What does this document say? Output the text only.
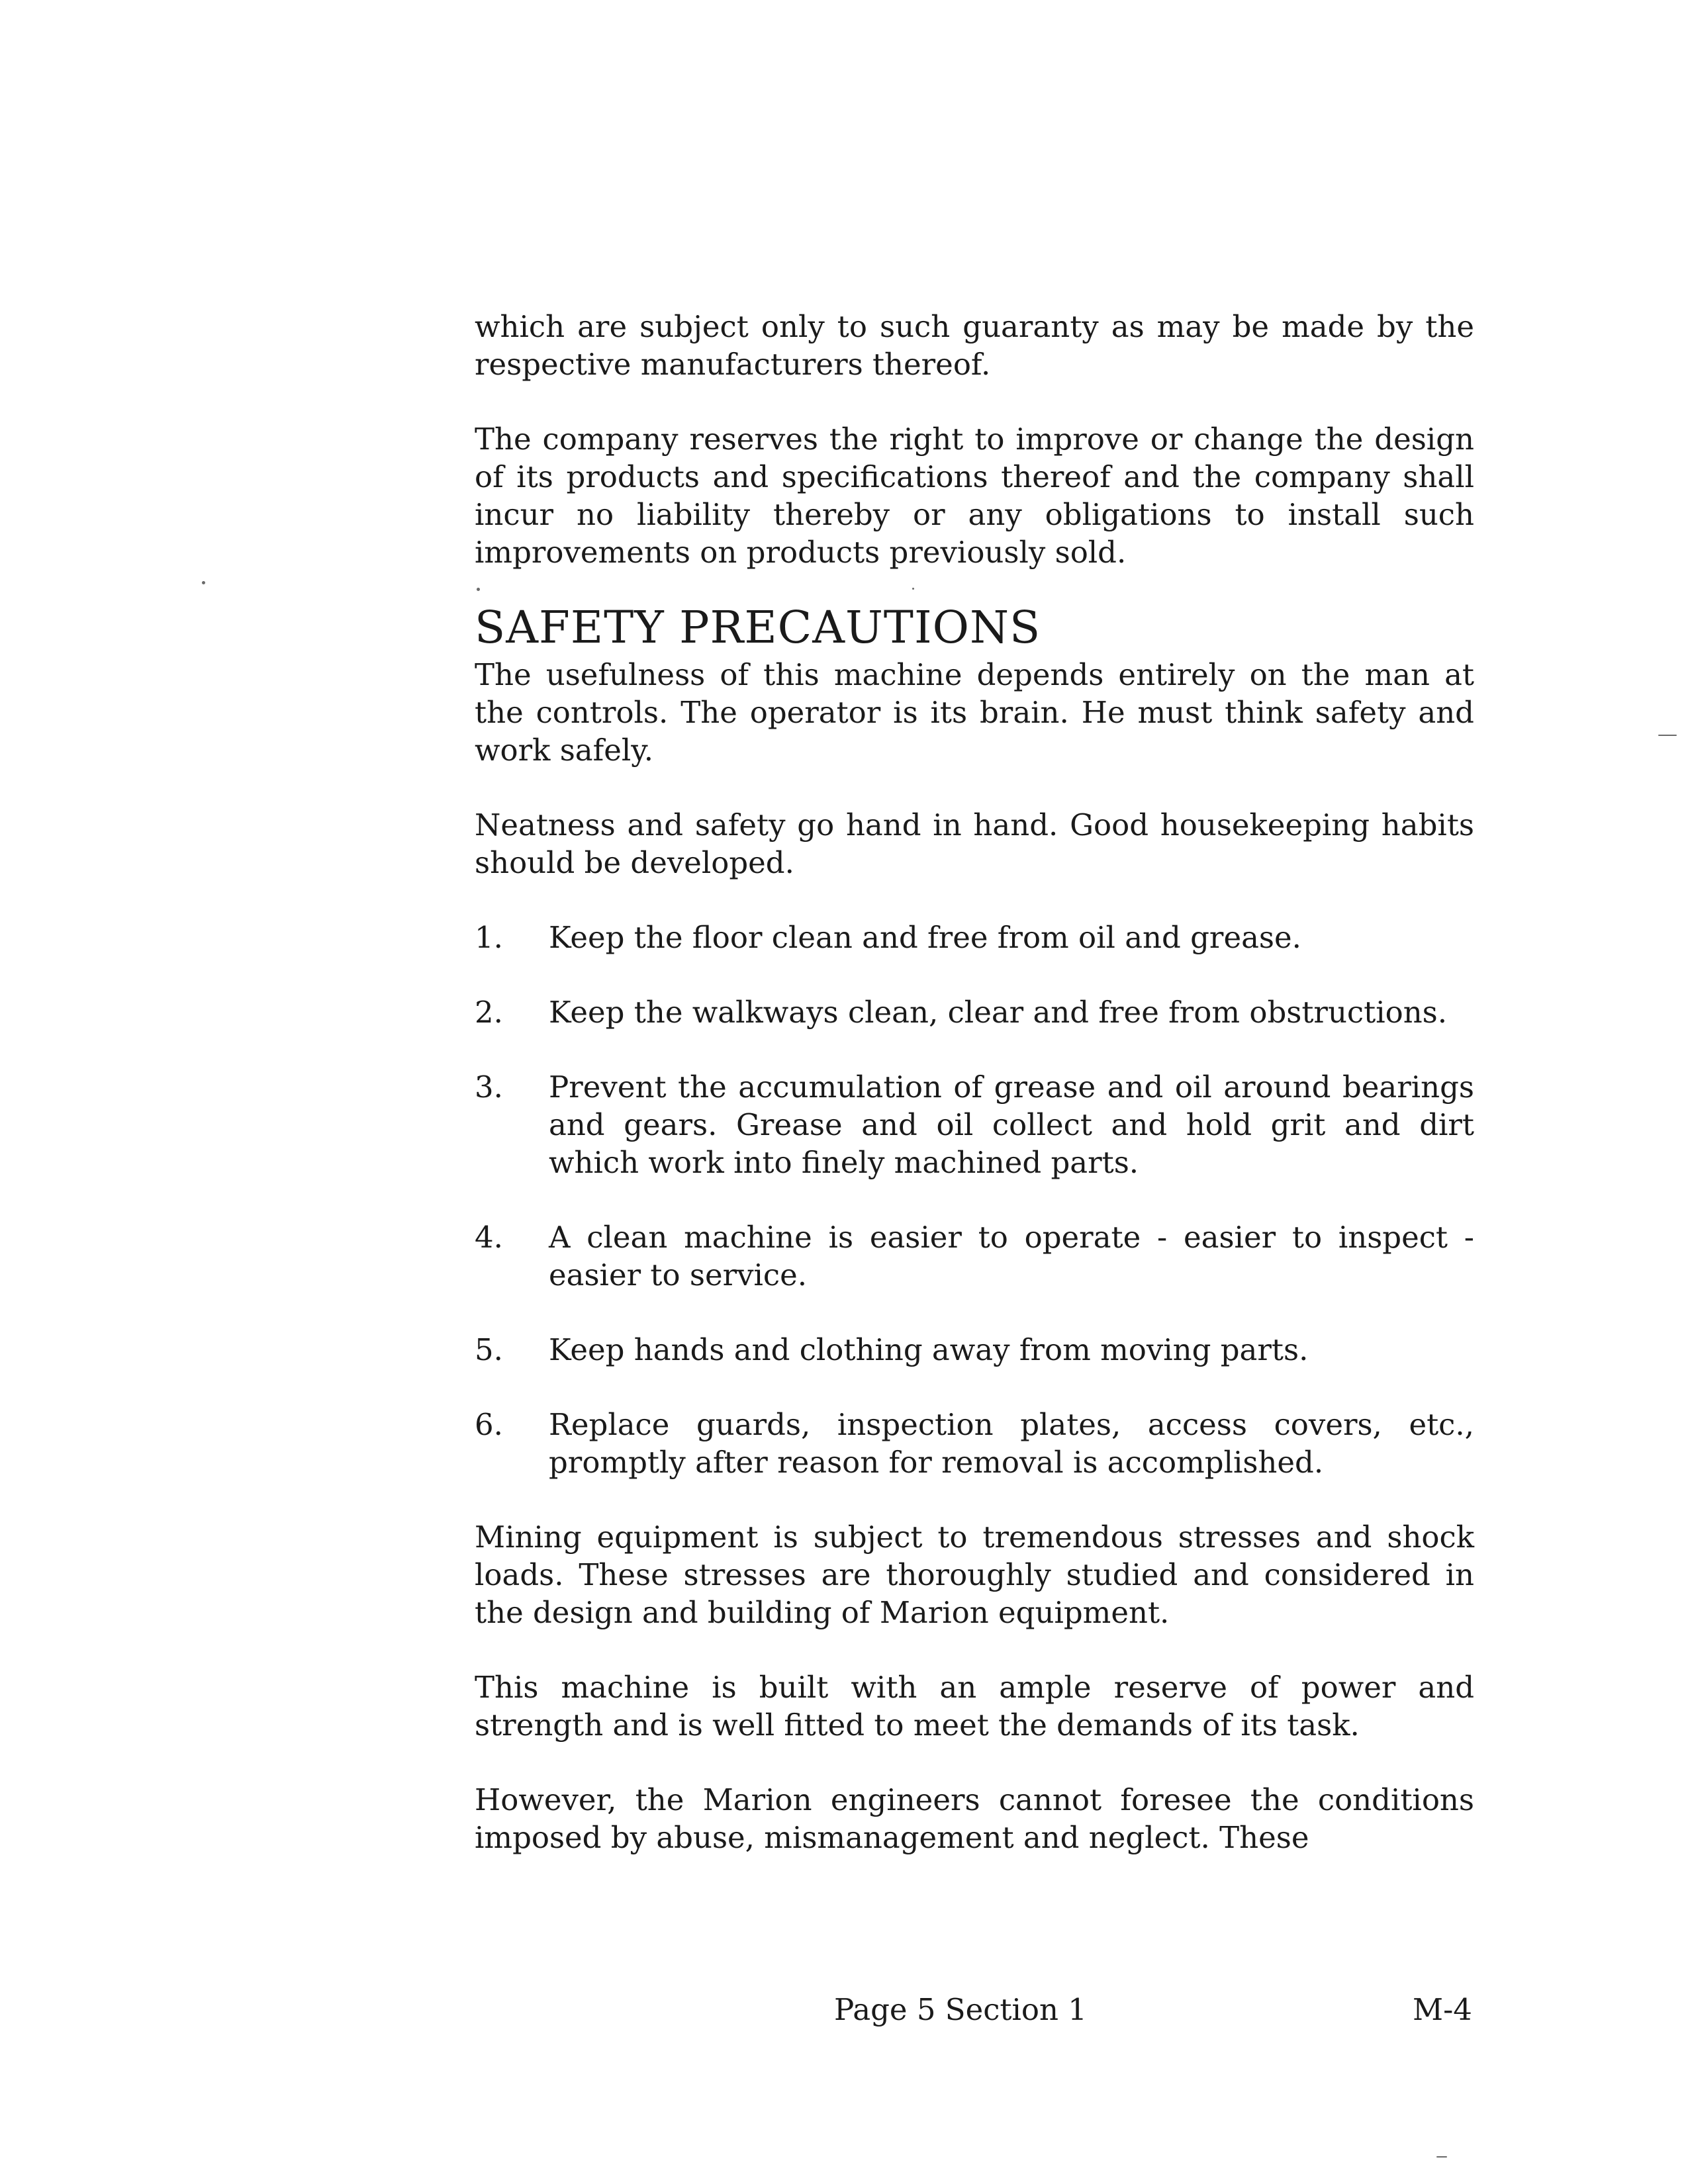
which are subject only to such guaranty as may be made by the respective manufacturers thereof.

The company reserves the right to improve or change the design of its products and specifications thereof and the company shall incur no liability thereby or any obligations to install such improvements on products previously sold.

SAFETY PRECAUTIONS

The usefulness of this machine depends entirely on the man at the controls. The operator is its brain. He must think safety and work safely.

Neatness and safety go hand in hand. Good housekeeping habits should be developed.

1. Keep the floor clean and free from oil and grease.
2. Keep the walkways clean, clear and free from obstructions.
3. Prevent the accumulation of grease and oil around bearings and gears. Grease and oil collect and hold grit and dirt which work into finely machined parts.
4. A clean machine is easier to operate - easier to inspect - easier to service.
5. Keep hands and clothing away from moving parts.
6. Replace guards, inspection plates, access covers, etc., promptly after reason for removal is accomplished.

Mining equipment is subject to tremendous stresses and shock loads. These stresses are thoroughly studied and considered in the design and building of Marion equipment.

This machine is built with an ample reserve of power and strength and is well fitted to meet the demands of its task.

However, the Marion engineers cannot foresee the conditions imposed by abuse, mismanagement and neglect. These

Page 5 Section 1	M-4
